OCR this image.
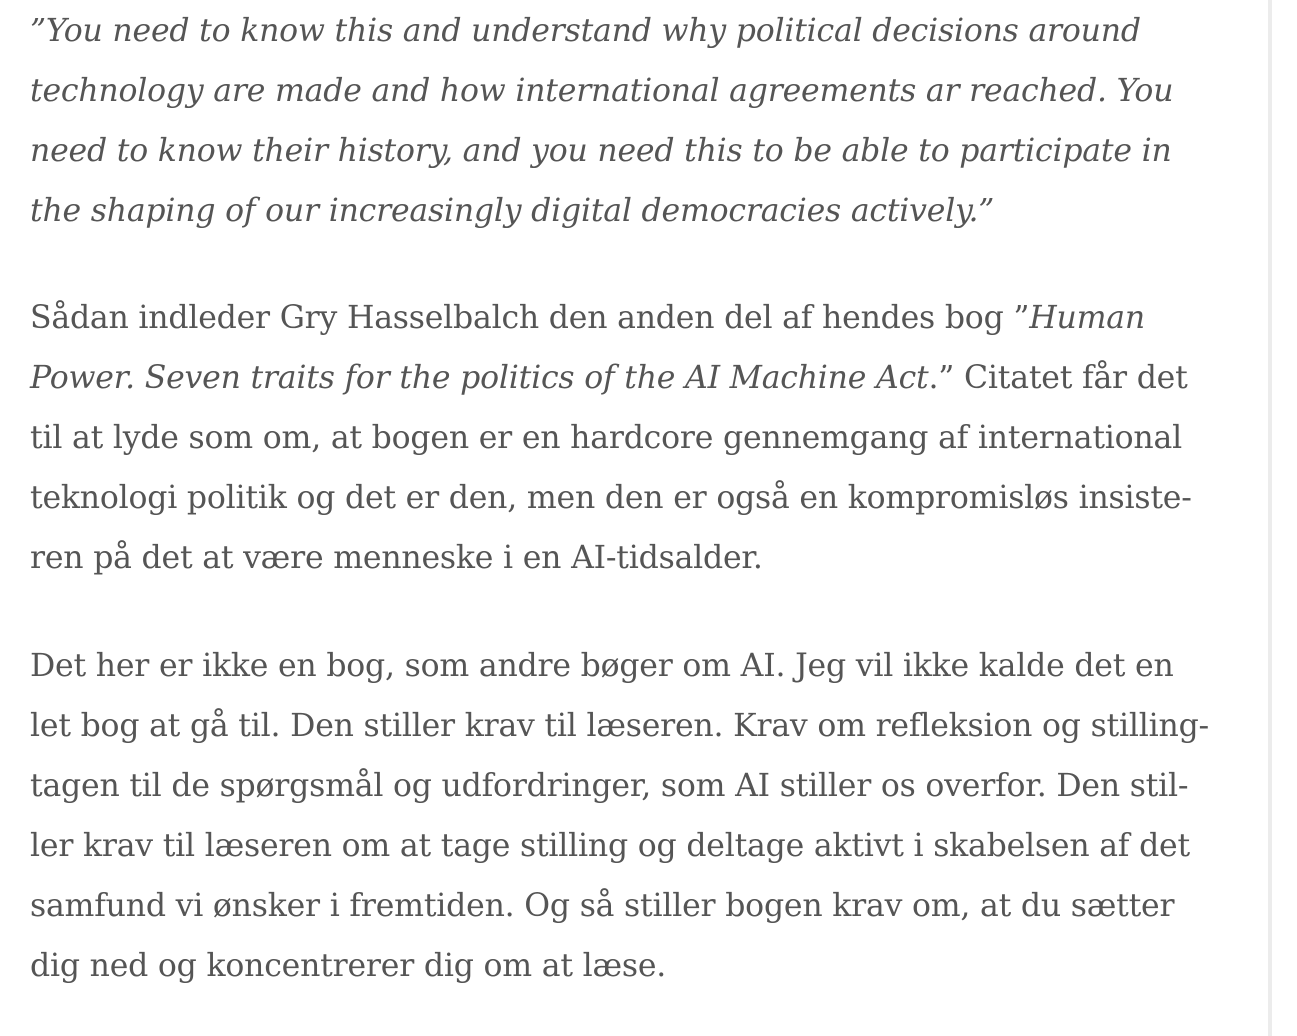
”You need to know this and understand why political decisions around
technology are made and how international agreements ar reached. You
need to know their history, and you need this to be able to participate in
the shaping of our increasingly digital democracies actively.”

Sådan indleder Gry Hasselbalch den anden del af hendes bog ”Human
Power. Seven traits for the politics of the AI Machine Act.” Citatet får det
til at lyde som om, at bogen er en hardcore gennemgang af international
teknologi politik og det er den, men den er også en kompromisløs insiste-
ren på det at være menneske i en AI-tidsalder.

Det her er ikke en bog, som andre bøger om AI. Jeg vil ikke kalde det en
let bog at gå til. Den stiller krav til læseren. Krav om refleksion og stilling-
tagen til de spørgsmål og udfordringer, som AI stiller os overfor. Den stil-
ler krav til læseren om at tage stilling og deltage aktivt i skabelsen af det
samfund vi ønsker i fremtiden. Og så stiller bogen krav om, at du sætter
dig ned og koncentrerer dig om at læse.
